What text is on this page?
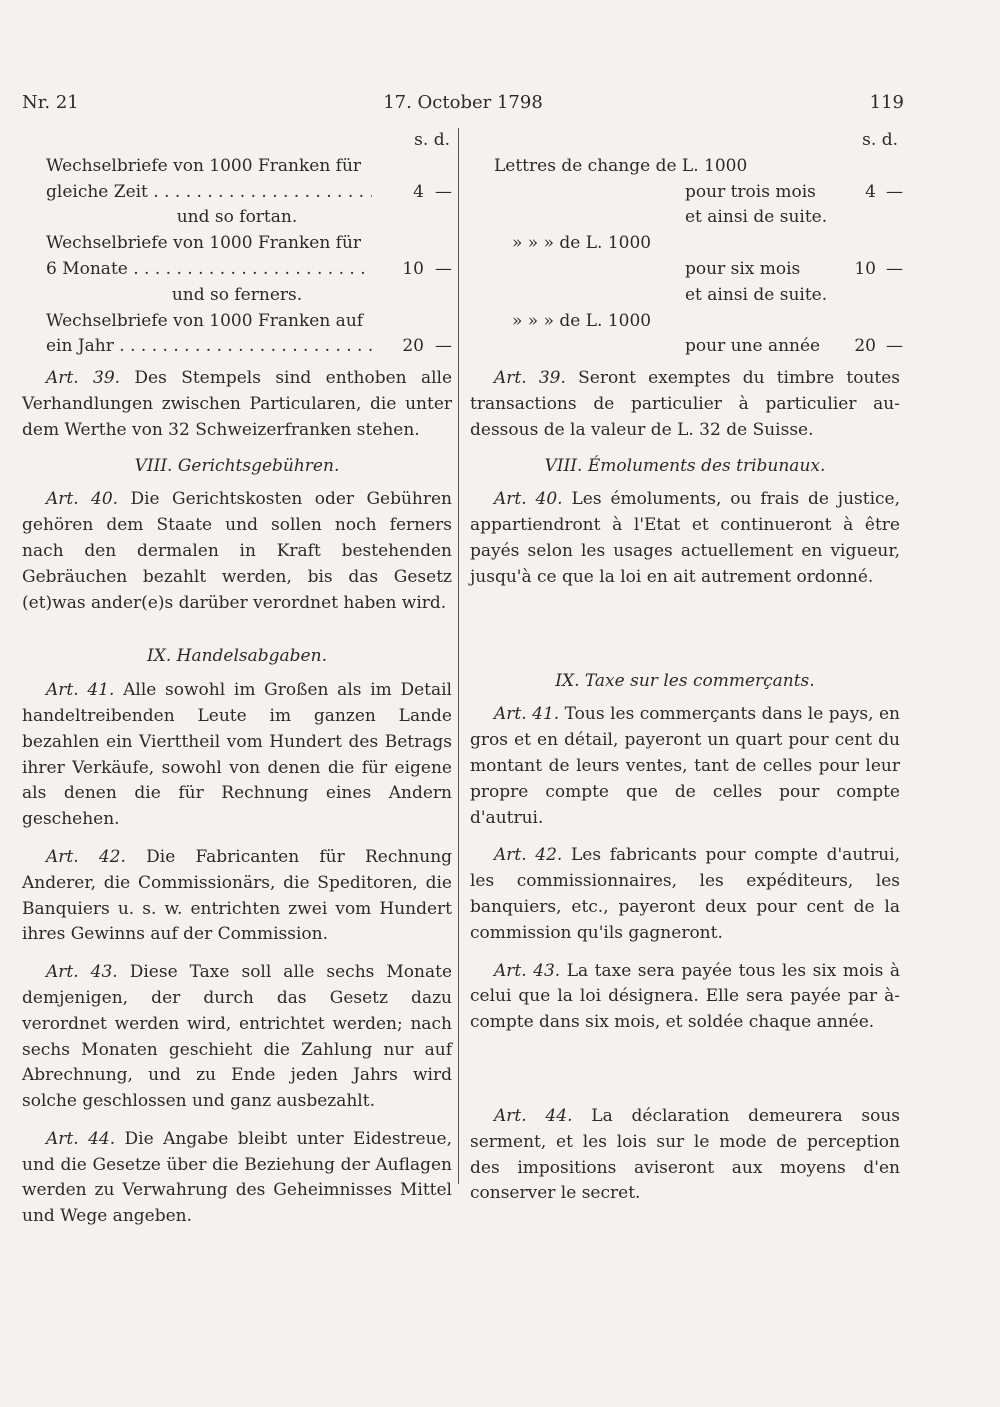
Nr. 21	17. October 1798	119
s. d.
Wechselbriefe von 1000 Franken für
gleiche Zeit . . .	4 —
und so fortan.
Wechselbriefe von 1000 Franken für
6 Monate . . .	10 —
und so ferners.
Wechselbriefe von 1000 Franken auf
ein Jahr . . .	20 —
Art. 39. Des Stempels sind enthoben alle Verhandlungen zwischen Particularen, die unter dem Werthe von 32 Schweizerfranken stehen.
VIII. Gerichtsgebühren.
Art. 40. Die Gerichtskosten oder Gebühren gehören dem Staate und sollen noch ferners nach den dermalen in Kraft bestehenden Gebräuchen bezahlt werden, bis das Gesetz (et)was ander(e)s darüber verordnet haben wird.
IX. Handelsabgaben.
Art. 41. Alle sowohl im Großen als im Detail handeltreibenden Leute im ganzen Lande bezahlen ein Vierttheil vom Hundert des Betrags ihrer Verkäufe, sowohl von denen die für eigene als denen die für Rechnung eines Andern geschehen.
Art. 42. Die Fabricanten für Rechnung Anderer, die Commissionärs, die Speditoren, die Banquiers u. s. w. entrichten zwei vom Hundert ihres Gewinns auf der Commission.
Art. 43. Diese Taxe soll alle sechs Monate demjenigen, der durch das Gesetz dazu verordnet werden wird, entrichtet werden; nach sechs Monaten geschieht die Zahlung nur auf Abrechnung, und zu Ende jeden Jahrs wird solche geschlossen und ganz ausbezahlt.
Art. 44. Die Angabe bleibt unter Eidestreue, und die Gesetze über die Beziehung der Auflagen werden zu Verwahrung des Geheimnisses Mittel und Wege angeben.
s. d.
Lettres de change de L. 1000
pour trois mois	4 —
et ainsi de suite.
» » » de L. 1000
pour six mois	10 —
et ainsi de suite.
» » » de L. 1000
pour une année	20 —
Art. 39. Seront exemptes du timbre toutes transactions de particulier à particulier au-dessous de la valeur de L. 32 de Suisse.
VIII. Émoluments des tribunaux.
Art. 40. Les émoluments, ou frais de justice, appartiendront à l'Etat et continueront à être payés selon les usages actuellement en vigueur, jusqu'à ce que la loi en ait autrement ordonné.
IX. Taxe sur les commerçants.
Art. 41. Tous les commerçants dans le pays, en gros et en détail, payeront un quart pour cent du montant de leurs ventes, tant de celles pour leur propre compte que de celles pour compte d'autrui.
Art. 42. Les fabricants pour compte d'autrui, les commissionnaires, les expéditeurs, les banquiers, etc., payeront deux pour cent de la commission qu'ils gagneront.
Art. 43. La taxe sera payée tous les six mois à celui que la loi désignera. Elle sera payée par à-compte dans six mois, et soldée chaque année.
Art. 44. La déclaration demeurera sous serment, et les lois sur le mode de perception des impositions aviseront aux moyens d'en conserver le secret.
